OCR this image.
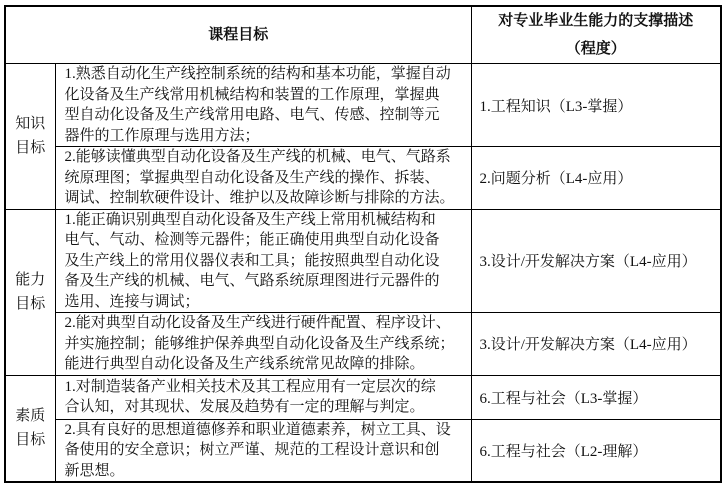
课程目标		对专业毕业生能力的支撑描述
（程度）

知识
目标	1.熟悉自动化生产线控制系统的结构和基本功能，掌握自动
化设备及生产线常用机械结构和装置的工作原理，掌握典
型自动化设备及生产线常用电路、电气、传感、控制等元
器件的工作原理与选用方法；	1.工程知识（L3-掌握）

	2.能够读懂典型自动化设备及生产线的机械、电气、气路系
统原理图；掌握典型自动化设备及生产线的操作、拆装、
调试、控制软硬件设计、维护以及故障诊断与排除的方法。	2.问题分析（L4-应用）

能力
目标	1.能正确识别典型自动化设备及生产线上常用机械结构和
电气、气动、检测等元器件；能正确使用典型自动化设备
及生产线上的常用仪器仪表和工具；能按照典型自动化设
备及生产线的机械、电气、气路系统原理图进行元器件的
选用、连接与调试；	3.设计/开发解决方案（L4-应用）

	2.能对典型自动化设备及生产线进行硬件配置、程序设计、
并实施控制；能够维护保养典型自动化设备及生产线系统；
能进行典型自动化设备及生产线系统常见故障的排除。	3.设计/开发解决方案（L4-应用）

素质
目标	1.对制造装备产业相关技术及其工程应用有一定层次的综
合认知，对其现状、发展及趋势有一定的理解与判定。	6.工程与社会（L3-掌握）

	2.具有良好的思想道德修养和职业道德素养，树立工具、设
备使用的安全意识；树立严谨、规范的工程设计意识和创
新思想。	6.工程与社会（L2-理解）
